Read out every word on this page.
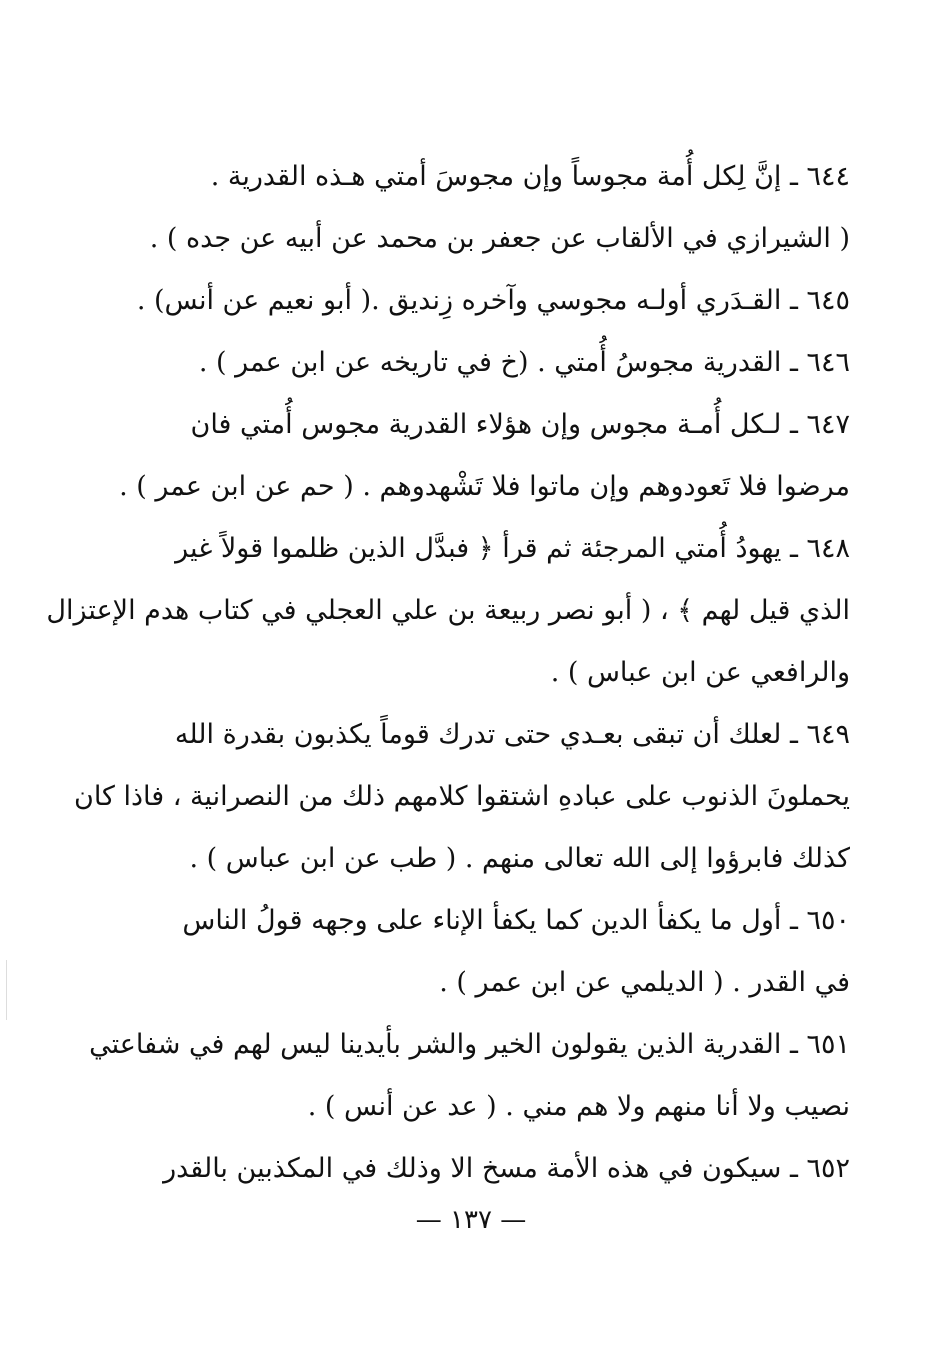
٦٤٤ ـ إنَّ لِكل أُمة مجوساً وإن مجوسَ أمتي هـذه القدرية .
( الشيرازي في الألقاب عن جعفر بن محمد عن أبيه عن جده ) .
٦٤٥ ـ القـدَري أولـه مجوسي وآخره زِنديق .( أبو نعيم عن أنس) .
٦٤٦ ـ القدرية مجوسُ أُمتي . (خ في تاريخه عن ابن عمر ) .
٦٤٧ ـ لـكل أُمـة مجوس وإن هؤلاء القدرية مجوس أُمتي فان
مرضوا فلا تَعودوهم وإن ماتوا فلا تَشْهدوهم . ( حم عن ابن عمر ) .
٦٤٨ ـ يهودُ أُمتي المرجئة ثم قرأ ﴿ فبدَّل الذين ظلموا قولاً غير
الذي قيل لهم ﴾ ، ( أبو نصر ربيعة بن علي العجلي في كتاب هدم الإعتزال
والرافعي عن ابن عباس ) .
٦٤٩ ـ لعلك أن تبقى بعـدي حتى تدرك قوماً يكذبون بقدرة الله
يحملونَ الذنوب على عبادهِ اشتقوا كلامهم ذلك من النصرانية ، فاذا كان
كذلك فابرؤوا إلى الله تعالى منهم . ( طب عن ابن عباس ) .
٦٥٠ ـ أول ما يكفأ الدين كما يكفأ الإناء على وجهه قولُ الناس
في القدر . ( الديلمي عن ابن عمر ) .
٦٥١ ـ القدرية الذين يقولون الخير والشر بأيدينا ليس لهم في شفاعتي
نصيب ولا أنا منهم ولا هم مني . ( عد عن أنس ) .
٦٥٢ ـ سيكون في هذه الأمة مسخ الا وذلك في المكذبين بالقدر
— ١٣٧ —
